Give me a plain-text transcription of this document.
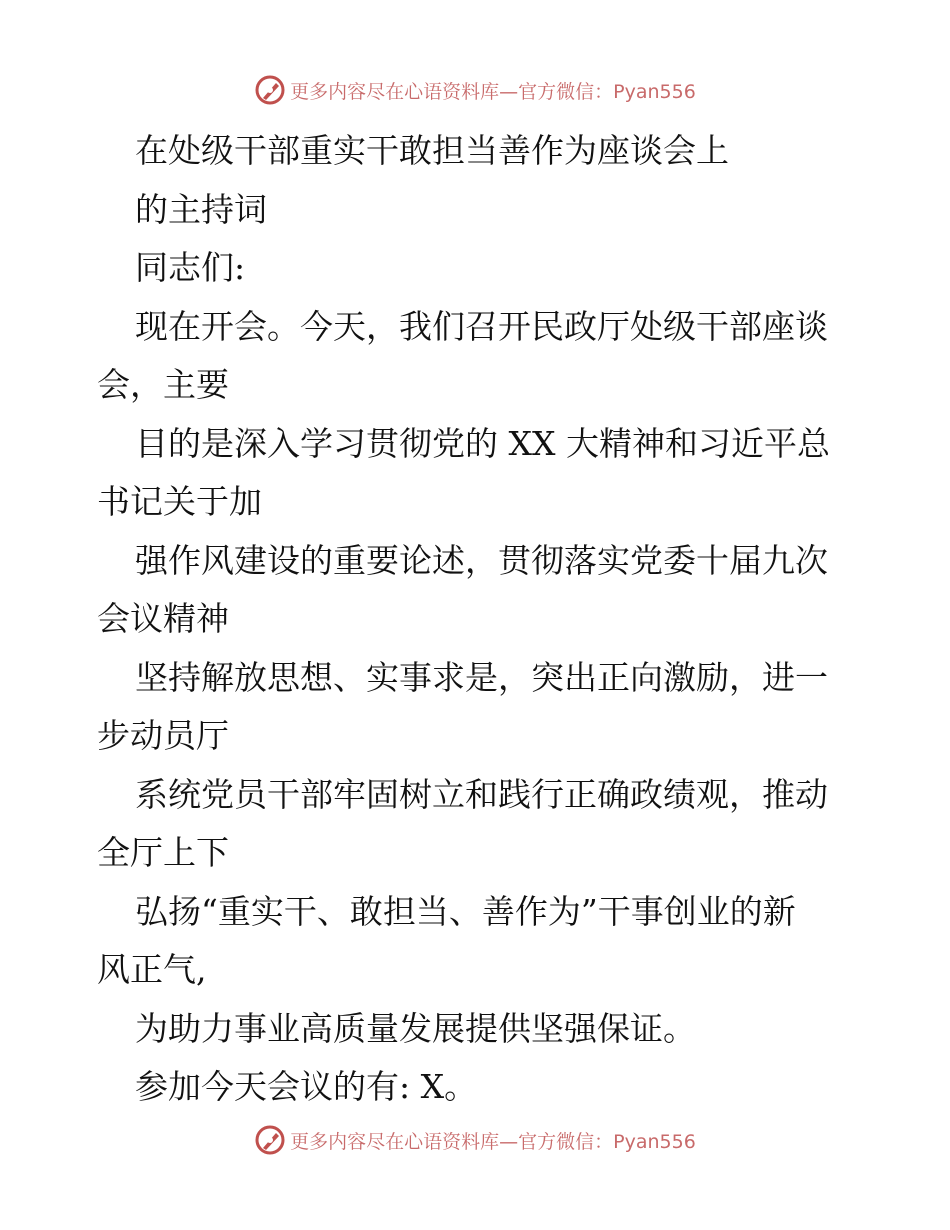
更多内容尽在心语资料库—官方微信：Pyan556
在处级干部重实干敢担当善作为座谈会上
的主持词
同志们:
现在开会。今天，我们召开民政厅处级干部座谈
会，主要
目的是深入学习贯彻党的 XX 大精神和习近平总
书记关于加
强作风建设的重要论述，贯彻落实党委十届九次
会议精神
坚持解放思想、实事求是，突出正向激励，进一
步动员厅
系统党员干部牢固树立和践行正确政绩观，推动
全厅上下
弘扬“重实干、敢担当、善作为”干事创业的新
风正气,
为助力事业高质量发展提供坚强保证。
参加今天会议的有: X。
更多内容尽在心语资料库—官方微信：Pyan556
